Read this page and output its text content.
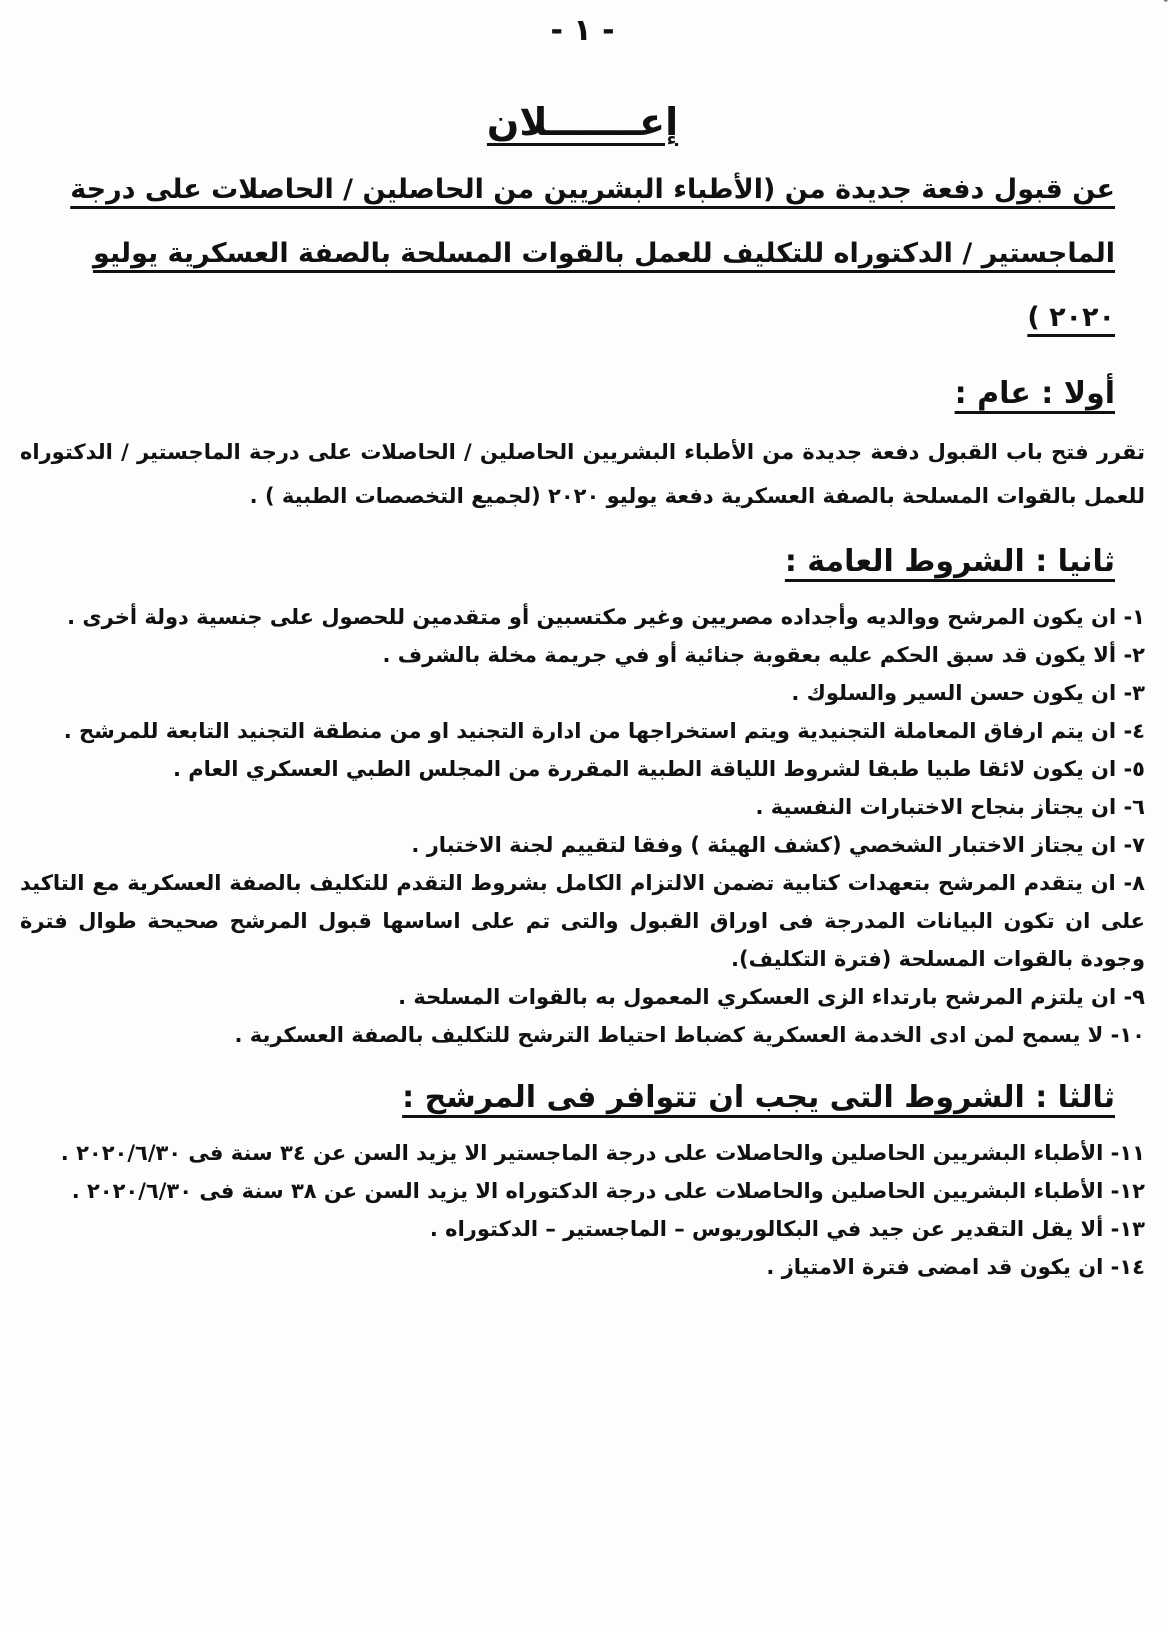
- ١ -

إعـــــــلان

عن قبول دفعة جديدة من (الأطباء البشريين من الحاصلين / الحاصلات على درجة

الماجستير / الدكتوراه للتكليف للعمل بالقوات المسلحة بالصفة العسكرية يوليو ٢٠٢٠ )

أولا : عام :

تقرر فتح باب القبول دفعة جديدة من الأطباء البشريين الحاصلين / الحاصلات على درجة الماجستير / الدكتوراه للعمل بالقوات المسلحة بالصفة العسكرية دفعة يوليو ٢٠٢٠ (لجميع التخصصات الطبية ) .

ثانيا : الشروط العامة :
١- ان يكون المرشح ووالديه وأجداده مصريين وغير مكتسبين أو متقدمين للحصول على جنسية دولة أخرى .
٢- ألا يكون قد سبق الحكم عليه بعقوبة جنائية أو في جريمة مخلة بالشرف .
٣- ان يكون حسن السير والسلوك .
٤- ان يتم ارفاق المعاملة التجنيدية ويتم استخراجها من ادارة التجنيد او من منطقة التجنيد التابعة للمرشح .
٥- ان يكون لائقا طبيا طبقا لشروط اللياقة الطبية المقررة من المجلس الطبي العسكري العام .
٦- ان يجتاز بنجاح الاختبارات النفسية .
٧- ان يجتاز الاختبار الشخصي (كشف الهيئة ) وفقا لتقييم لجنة الاختبار .
٨- ان يتقدم المرشح بتعهدات كتابية تضمن الالتزام الكامل بشروط التقدم للتكليف بالصفة العسكرية مع التاكيد على ان تكون البيانات المدرجة فى اوراق القبول والتى تم على اساسها قبول المرشح صحيحة طوال فترة وجودة بالقوات المسلحة (فترة التكليف).
٩- ان يلتزم المرشح بارتداء الزى العسكري المعمول به بالقوات المسلحة .
١٠- لا يسمح لمن ادى الخدمة العسكرية كضباط احتياط الترشح للتكليف بالصفة العسكرية .
ثالثا : الشروط التى يجب ان تتوافر فى المرشح :
١١- الأطباء البشريين الحاصلين والحاصلات على درجة الماجستير الا يزيد السن عن ٣٤ سنة فى ٢٠٢٠/٦/٣٠ .
١٢- الأطباء البشريين الحاصلين والحاصلات على درجة الدكتوراه الا يزيد السن عن ٣٨ سنة فى ٢٠٢٠/٦/٣٠ .
١٣- ألا يقل التقدير عن جيد في البكالوريوس – الماجستير – الدكتوراه .
١٤- ان يكون قد امضى فترة الامتياز .
